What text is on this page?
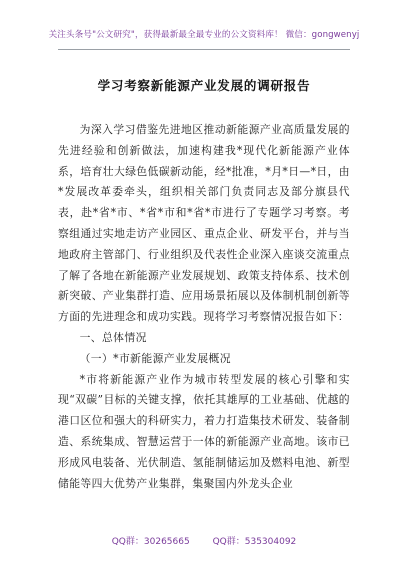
关注头条号"公文研究"，获得最新最全最专业的公文资料库！ 微信：gongwenyj
学习考察新能源产业发展的调研报告

为深入学习借鉴先进地区推动新能源产业高质量发展的先进经验和创新做法，加速构建我*现代化新能源产业体系，培育壮大绿色低碳新动能，经*批准，*月*日—*日，由*发展改革委牵头，组织相关部门负责同志及部分旗县代表，赴*省*市、*省*市和*省*市进行了专题学习考察。考察组通过实地走访产业园区、重点企业、研发平台，并与当地政府主管部门、行业组织及代表性企业深入座谈交流重点了解了各地在新能源产业发展规划、政策支持体系、技术创新突破、产业集群打造、应用场景拓展以及体制机制创新等方面的先进理念和成功实践。现将学习考察情况报告如下：

一、总体情况

（一）*市新能源产业发展概况

*市将新能源产业作为城市转型发展的核心引擎和实现“双碳”目标的关键支撑，依托其雄厚的工业基础、优越的港口区位和强大的科研实力，着力打造集技术研发、装备制造、系统集成、智慧运营于一体的新能源产业高地。该市已形成风电装备、光伏制造、氢能制储运加及燃料电池、新型储能等四大优势产业集群，集聚国内外龙头企业

QQ群：30265665	QQ群：535304092
